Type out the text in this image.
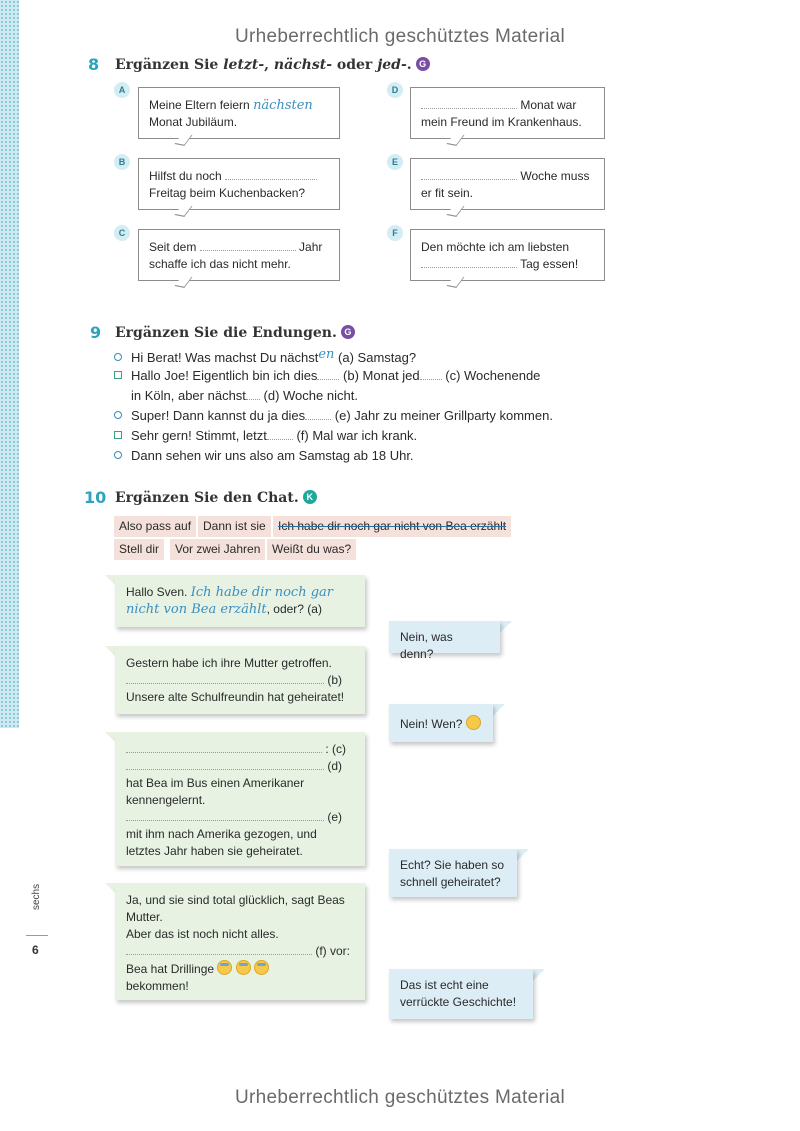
Urheberrechtlich geschütztes Material
8 Ergänzen Sie letzt-, nächst- oder jed-. G
A
Meine Eltern feiern nächsten
Monat Jubiläum.
B
Hilfst du noch
Freitag beim Kuchenbacken?
C
Seit dem	Jahr
schaffe ich das nicht mehr.
D
Monat war
mein Freund im Krankenhaus.
E
Woche muss
er fit sein.
F
Den möchte ich am liebsten
Tag essen!
9 Ergänzen Sie die Endungen. G
Hi Berat! Was machst Du nächsten (a) Samstag?
Hallo Joe! Eigentlich bin ich dies (b) Monat jed (c) Wochenende
in Köln, aber nächst (d) Woche nicht.
Super! Dann kannst du ja dies (e) Jahr zu meiner Grillparty kommen.
Sehr gern! Stimmt, letzt (f) Mal war ich krank.
Dann sehen wir uns also am Samstag ab 18 Uhr.
10 Ergänzen Sie den Chat. K
Also pass auf Dann ist sie	Ich habe dir noch gar nicht von Bea erzählt
Stell dir	Vor zwei Jahren Weißt du was?
Hallo Sven. Ich habe dir noch gar
nicht von Bea erzählt, oder? (a)
Nein, was denn?
Gestern habe ich ihre Mutter getroffen.
(b)
Unsere alte Schulfreundin hat geheiratet!
Nein! Wen?
: (c)
(d)
hat Bea im Bus einen Amerikaner
kennengelernt.
(e)
mit ihm nach Amerika gezogen, und
letztes Jahr haben sie geheiratet.
Echt? Sie haben so
schnell geheiratet?
Ja, und sie sind total glücklich, sagt Beas
Mutter.
Aber das ist noch nicht alles.
(f) vor:
Bea hat Drillinge
bekommen!	Das ist echt eine
verrückte Geschichte!
sechs
6
Urheberrechtlich geschütztes Material
